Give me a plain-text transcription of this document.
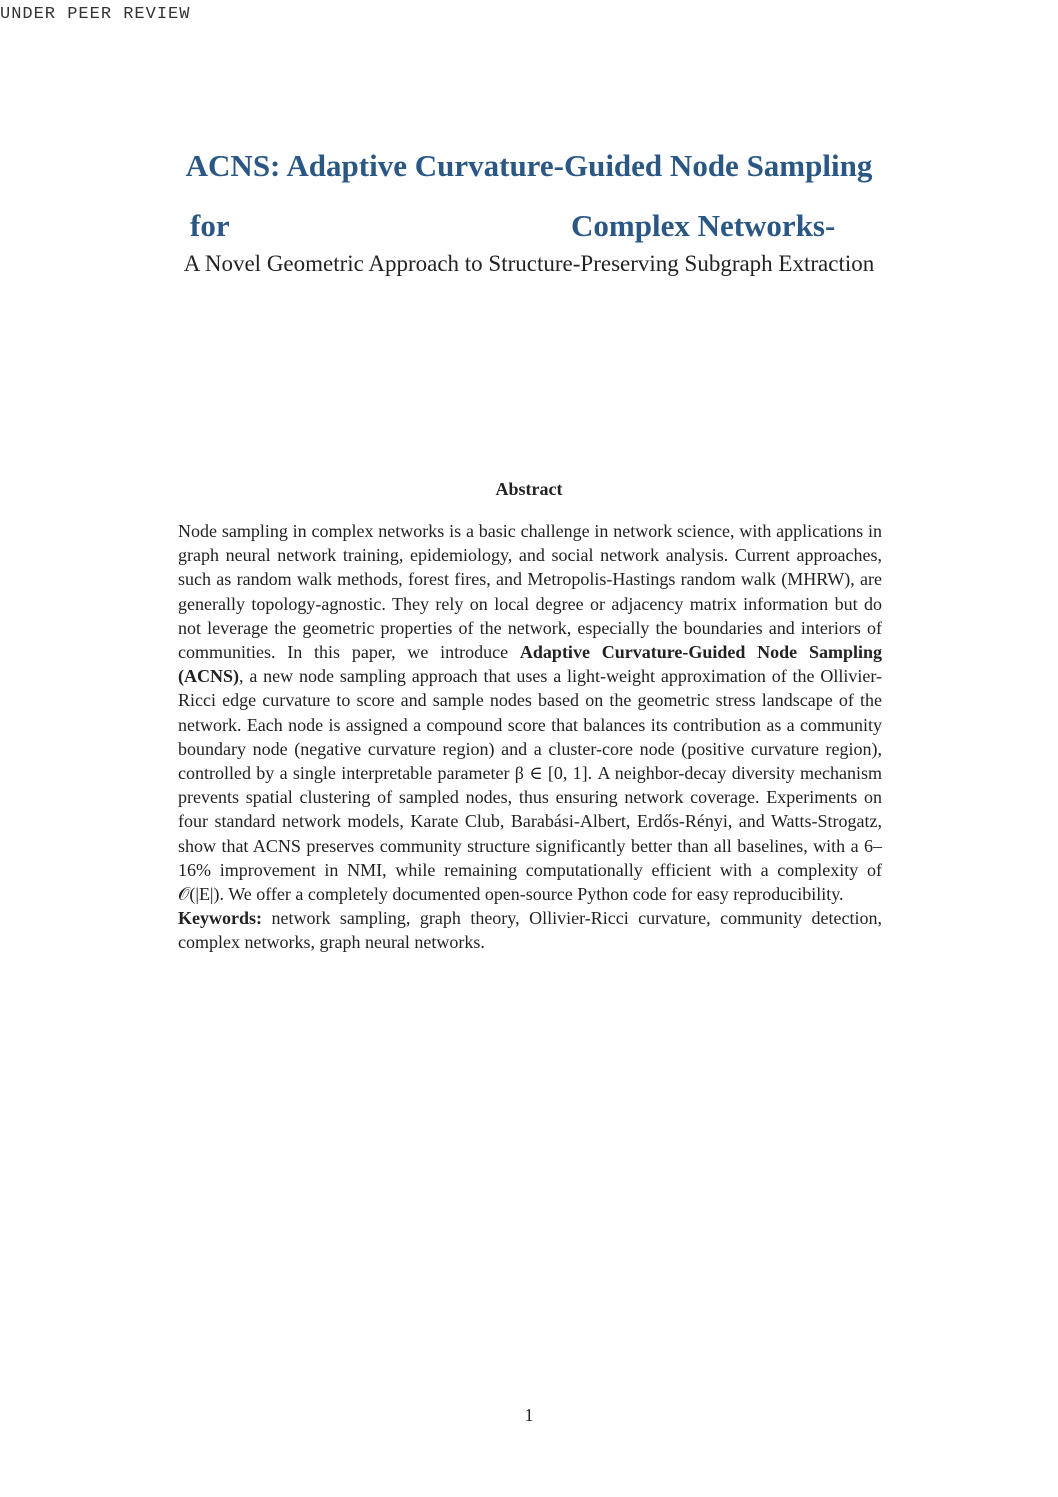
UNDER PEER REVIEW
ACNS: Adaptive Curvature-Guided Node Sampling
for	Complex Networks-
A Novel Geometric Approach to Structure-Preserving Subgraph Extraction
Abstract

Node sampling in complex networks is a basic challenge in network science, with applications in graph neural network training, epidemiology, and social network analysis. Current approaches, such as random walk methods, forest fires, and Metropolis-Hastings random walk (MHRW), are generally topology-agnostic. They rely on local degree or adjacency matrix information but do not leverage the geometric properties of the network, especially the boundaries and interiors of communities. In this paper, we introduce Adaptive Curvature-Guided Node Sampling (ACNS), a new node sampling approach that uses a light-weight approximation of the Ollivier-Ricci edge curvature to score and sample nodes based on the geometric stress landscape of the network. Each node is assigned a compound score that balances its contribution as a community boundary node (negative curvature region) and a cluster-core node (positive curvature region), controlled by a single interpretable parameter β ∈ [0, 1]. A neighbor-decay diversity mechanism prevents spatial clustering of sampled nodes, thus ensuring network coverage. Experiments on four standard network models, Karate Club, Barabási-Albert, Erdős-Rényi, and Watts-Strogatz, show that ACNS preserves community structure significantly better than all baselines, with a 6–16% improvement in NMI, while remaining computationally efficient with a complexity of 𝒪(|E|). We offer a completely documented open-source Python code for easy reproducibility.

Keywords: network sampling, graph theory, Ollivier-Ricci curvature, community detection, complex networks, graph neural networks.

1
